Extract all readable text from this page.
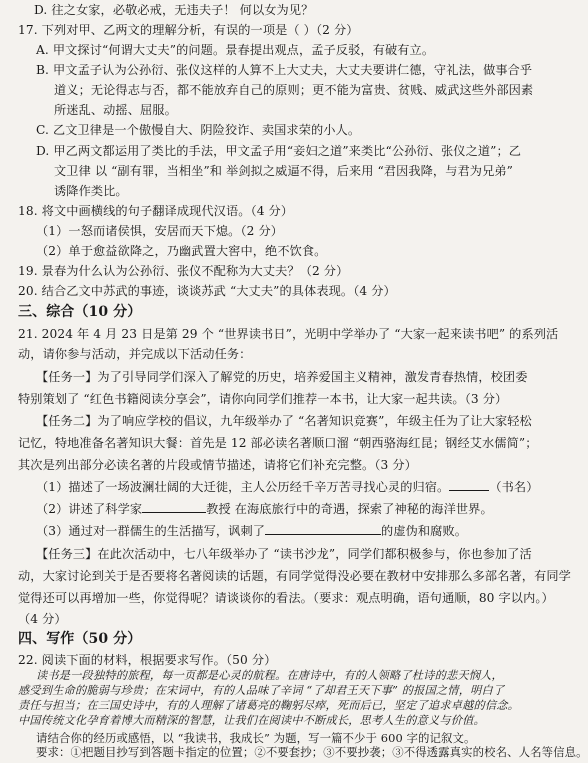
D. 往之女家，必敬必戒，无违夫子！ 何以女为见？
17. 下列对甲、乙两文的理解分析，有误的一项是（ ）（2 分）
A. 甲文探讨“何谓大丈夫”的问题。景春提出观点，孟子反驳，有破有立。
B. 甲文孟子认为公孙衍、张仪这样的人算不上大丈夫，大丈夫要讲仁德，守礼法，做事合乎
道义；无论得志与否，都不能放弃自己的原则；更不能为富贵、贫贱、威武这些外部因素
所迷乱、动摇、屈服。
C. 乙文卫律是一个傲慢自大、阴险狡诈、卖国求荣的小人。
D. 甲乙两文都运用了类比的手法，甲文孟子用“妾妇之道”来类比“公孙衍、张仪之道”；乙
文卫律 以 “副有罪，当相坐”和 举剑拟之威逼不得，后来用 “君因我降，与君为兄弟”
诱降作类比。
18. 将文中画横线的句子翻译成现代汉语。（4 分）
（1）一怒而诸侯惧，安居而天下熄。（2 分）
（2）单于愈益欲降之，乃幽武置大窖中，绝不饮食。
19. 景春为什么认为公孙衍、张仪不配称为大丈夫？（2 分）
20. 结合乙文中苏武的事迹，谈谈苏武 “大丈夫”的具体表现。（4 分）
三、综合（10 分）
21. 2024 年 4 月 23 日是第 29 个 “世界读书日”，光明中学举办了 “大家一起来读书吧” 的系列活
动，请你参与活动，并完成以下活动任务：
【任务一】为了引导同学们深入了解党的历史，培养爱国主义精神，激发青春热情，校团委
特别策划了 “红色书籍阅读分享会”，请你向同学们推荐一本书，让大家一起共读。（3 分）
【任务二】为了响应学校的倡议，九年级举办了 “名著知识竞赛”，年级主任为了让大家轻松
记忆，特地准备名著知识大餐：首先是 12 部必读名著顺口溜 “朝西骆海红昆；钢经艾水儒简”；
其次是列出部分必读名著的片段或情节描述，请将它们补充完整。（3 分）
（1）描述了一场波澜壮阔的大迁徙，主人公历经千辛万苦寻找心灵的归宿。	（书名）
（2）讲述了科学家	教授 在海底旅行中的奇遇，探索了神秘的海洋世界。
（3）通过对一群儒生的生活描写，讽刺了	的虚伪和腐败。
【任务三】在此次活动中，七八年级举办了 “读书沙龙”，同学们都积极参与，你也参加了活
动，大家讨论到关于是否要将名著阅读的话题，有同学觉得没必要在教材中安排那么多部名著，有同学
觉得还可以再增加一些，你觉得呢？请谈谈你的看法。（要求：观点明确，语句通顺，80 字以内。）
（4 分）
四、写作（50 分）
22. 阅读下面的材料，根据要求写作。（50 分）
读书是一段独特的旅程，每一页都是心灵的航程。在唐诗中，有的人领略了杜诗的悲天悯人，
感受到生命的脆弱与珍贵；在宋词中，有的人品味了辛词 “了却君王天下事” 的报国之情，明白了
责任与担当；在三国史诗中，有的人理解了诸葛亮的鞠躬尽瘁，死而后已，坚定了追求卓越的信念。
中国传统文化孕育着博大而精深的智慧，让我们在阅读中不断成长，思考人生的意义与价值。
请结合你的经历或感悟，以 “我读书，我成长” 为题，写一篇不少于 600 字的记叙文。
要求：①把题目抄写到答题卡指定的位置；②不要套抄；③不要抄袭；③不得透露真实的校名、人名等信息。
